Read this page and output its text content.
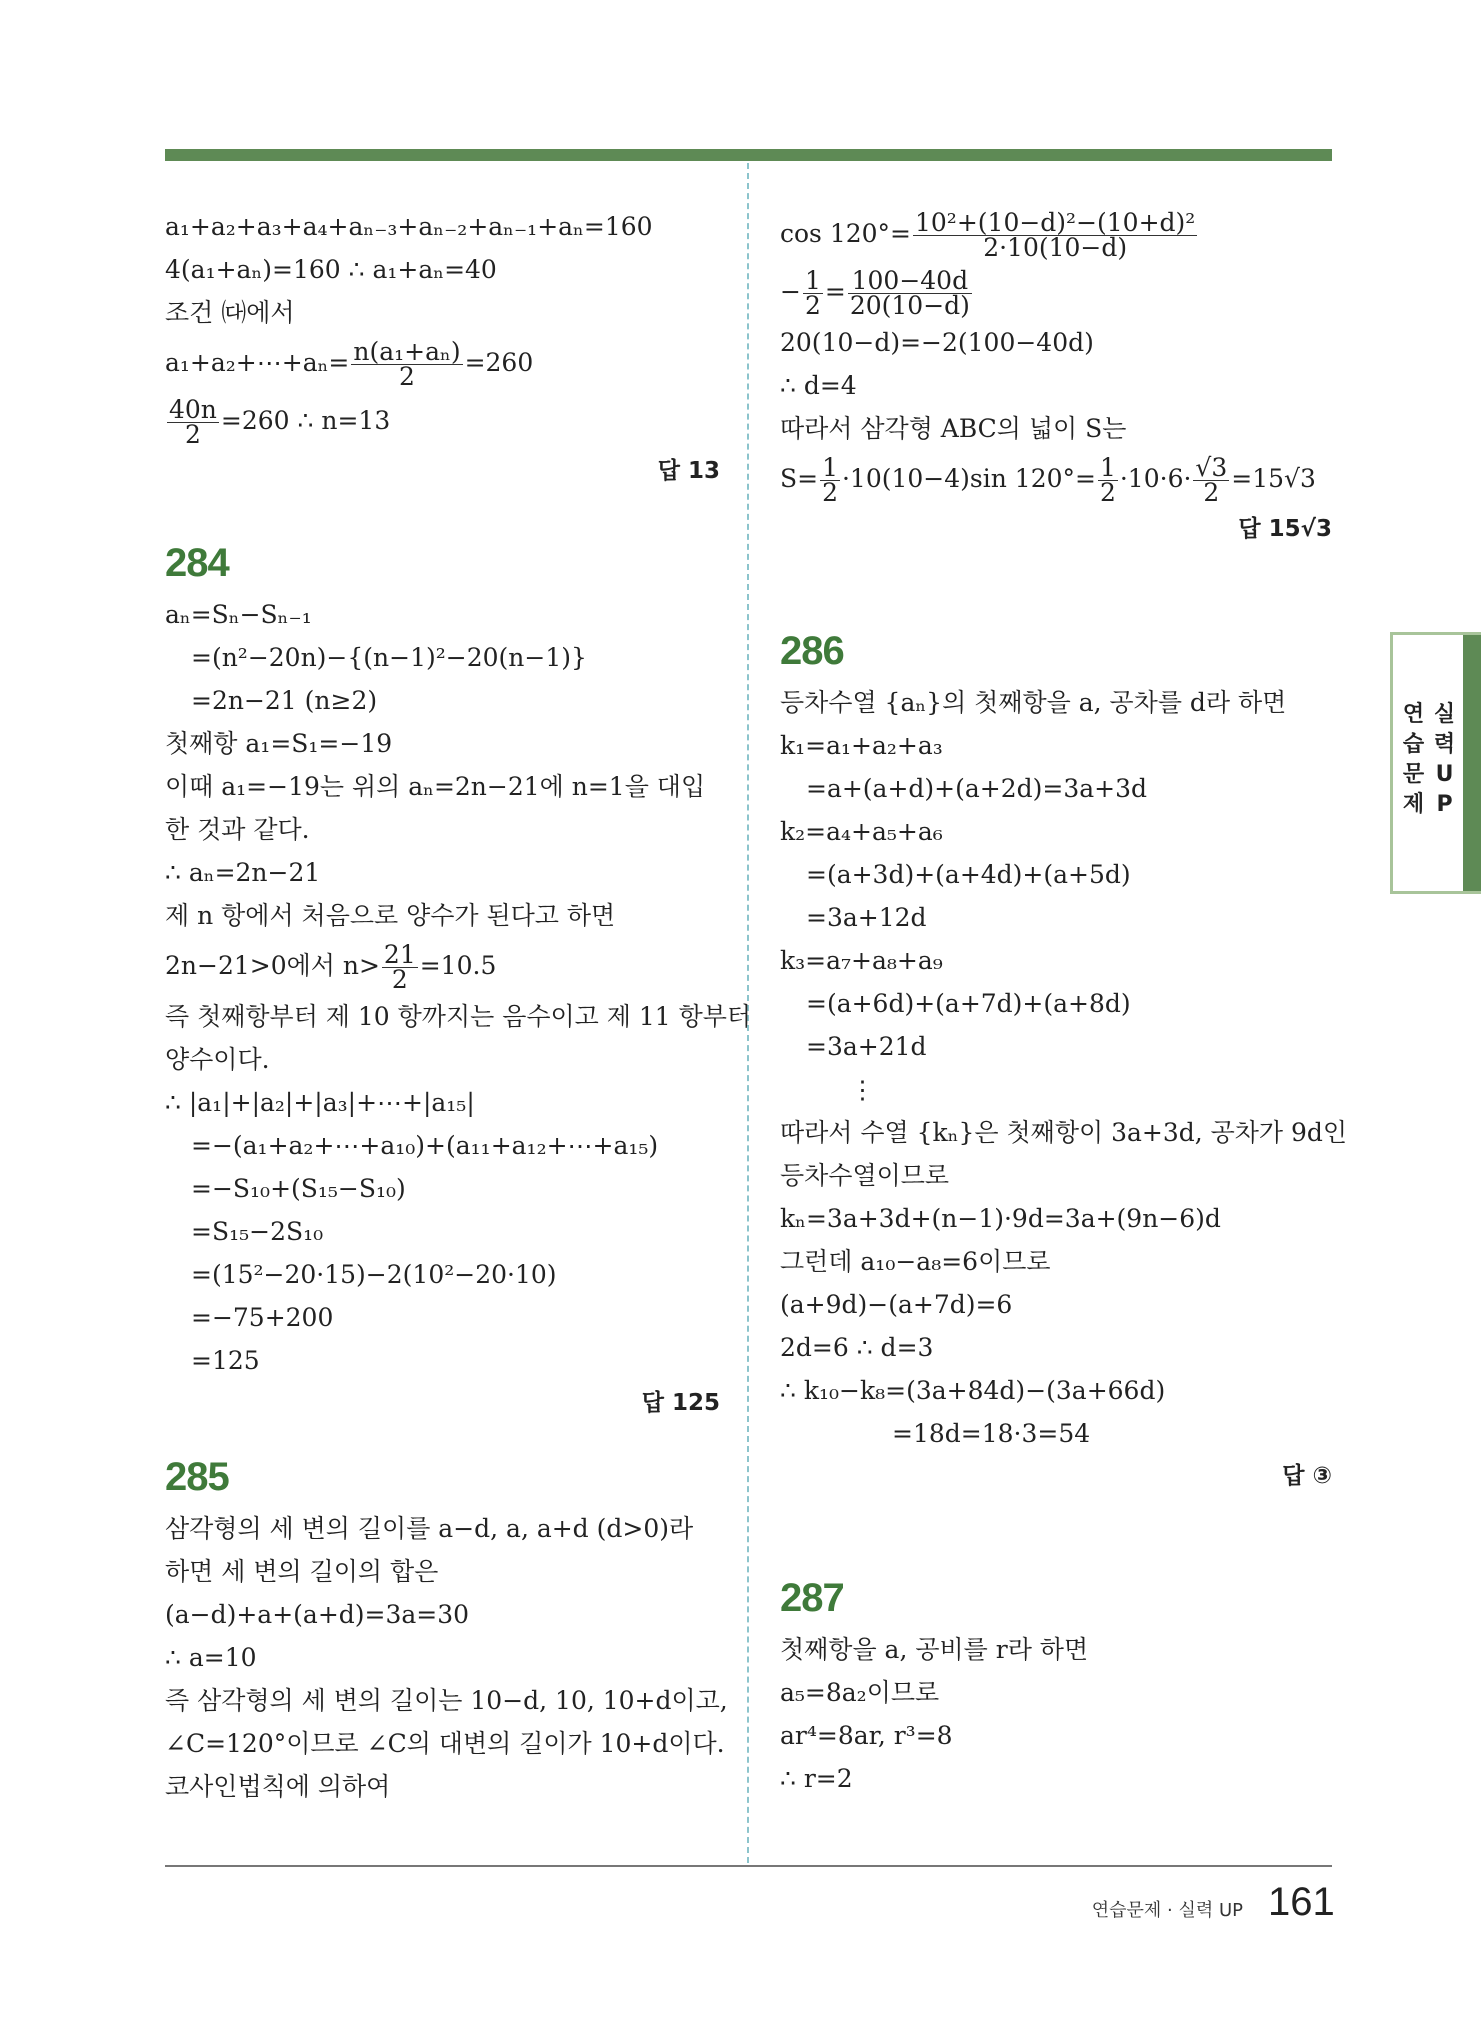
a₁+a₂+a₃+a₄+aₙ₋₃+aₙ₋₂+aₙ₋₁+aₙ=160
4(a₁+aₙ)=160 ∴ a₁+aₙ=40
조건 ㈐에서
a₁+a₂+⋯+aₙ= $\frac{\text{n(a₁+aₙ)}}{2} =260$
$\frac{40n}{2} =260$ ∴ n=13
답 13
284
aₙ=Sₙ−Sₙ₋₁
=(n²−20n)−{(n−1)²−20(n−1)}
=2n−21 (n≥2)
첫째항 a₁=S₁=−19
이때 a₁=−19는 위의 aₙ=2n−21에 n=1을 대입
한 것과 같다.
∴ aₙ=2n−21
제 n 항에서 처음으로 양수가 된다고 하면
2n−21>0에서 $n> \frac{21}{2} =10.5$
즉 첫째항부터 제 10 항까지는 음수이고 제 11 항부터
양수이다.
∴ |a₁|+|a₂|+|a₃|+⋯+|a₁₅|
=−(a₁+a₂+⋯+a₁₀)+(a₁₁+a₁₂+⋯+a₁₅)
=−S₁₀+(S₁₅−S₁₀)
=S₁₅−2S₁₀
=(15²−20·15)−2(10²−20·10)
=−75+200
=125
답 125
285
삼각형의 세 변의 길이를 a−d, a, a+d (d>0)라
하면 세 변의 길이의 합은
(a−d)+a+(a+d)=3a=30
∴ a=10
즉 삼각형의 세 변의 길이는 10−d, 10, 10+d이고,
∠C=120°이므로 ∠C의 대변의 길이가 10+d이다.
코사인법칙에 의하여
$\cos 120^\circ= \frac{\text{10²+(10−d)²−(10+d)²}}{2\cdot 10(10-d)}$
− $\frac{1}{2} = \frac{100-40d}{20(10-d)}$
20(10−d)=−2(100−40d)
∴ d=4
따라서 삼각형 ABC의 넓이 S는
$S= \frac{1}{2} \cdot 10(10-4)\sin$ $120^\circ= \frac{1}{2} \cdot 10\cdot 6\cdot \frac{√3}{2} =15√3$
답 15√3
286
등차수열 {aₙ}의 첫째항을 a, 공차를 d라 하면
k₁=a₁+a₂+a₃
=a+(a+d)+(a+2d)=3a+3d
k₂=a₄+a₅+a₆
=(a+3d)+(a+4d)+(a+5d)
=3a+12d
k₃=a₇+a₈+a₉
=(a+6d)+(a+7d)+(a+8d)
=3a+21d
⋮
따라서 수열 {kₙ}은 첫째항이 3a+3d, 공차가 9d인
등차수열이므로
kₙ=3a+3d+(n−1)·9d=3a+(9n−6)d
그런데 a₁₀−a₈=6이므로
(a+9d)−(a+7d)=6
2d=6 ∴ d=3
∴ k₁₀−k₈=(3a+84d)−(3a+66d)
=18d=18·3=54
답 ③
287
첫째항을 a, 공비를 r라 하면
a₅=8a₂이므로
ar⁴=8ar, r³=8
∴ r=2
연 실
습 력
문 U
제 P
연습문제 · 실력 UP 161
